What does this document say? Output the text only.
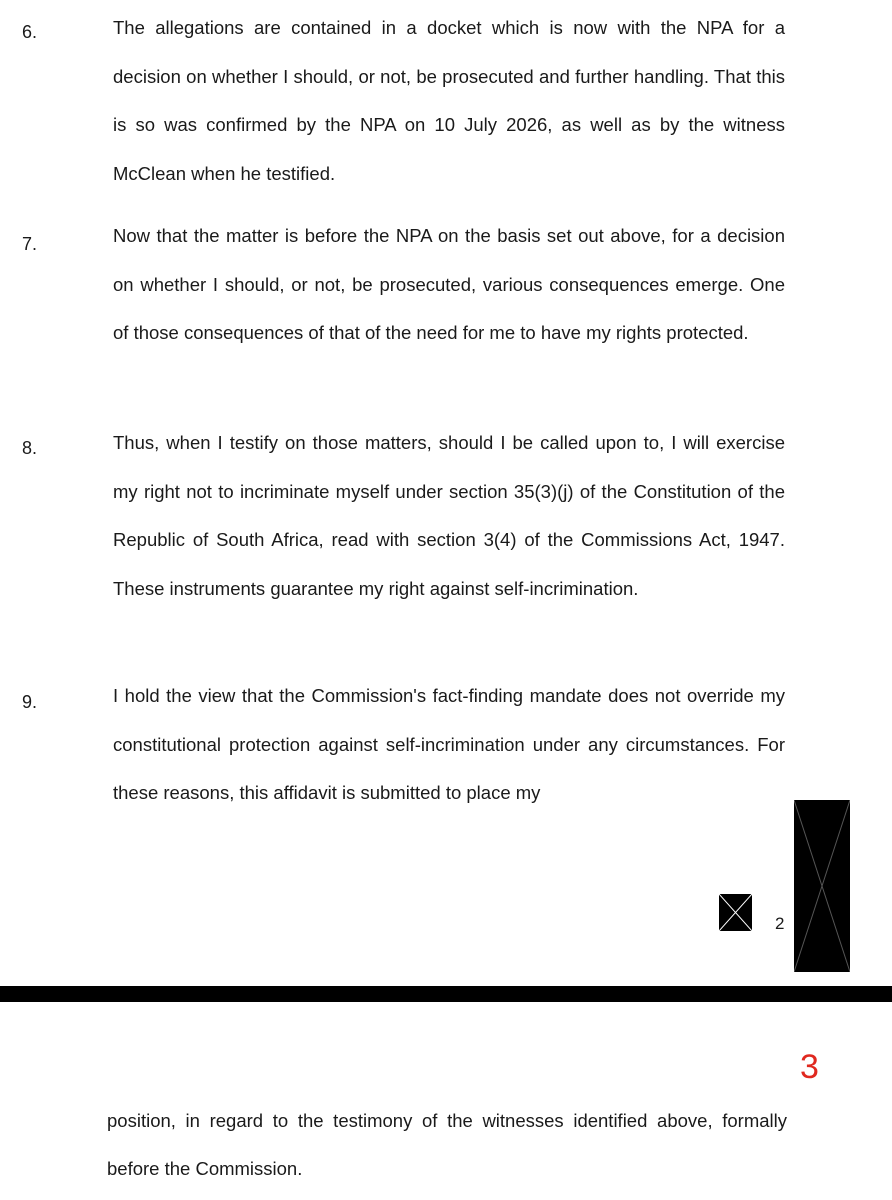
6.	The allegations are contained in a docket which is now with the NPA for a decision on whether I should, or not, be prosecuted and further handling. That this is so was confirmed by the NPA on 10 July 2026, as well as by the witness McClean when he testified.

7.	Now that the matter is before the NPA on the basis set out above, for a decision on whether I should, or not, be prosecuted, various consequences emerge. One of those consequences of that of the need for me to have my rights protected.

8.	Thus, when I testify on those matters, should I be called upon to, I will exercise my right not to incriminate myself under section 35(3)(j) of the Constitution of the Republic of South Africa, read with section 3(4) of the Commissions Act, 1947. These instruments guarantee my right against self-incrimination.

9.	I hold the view that the Commission's fact-finding mandate does not override my constitutional protection against self-incrimination under any circumstances. For these reasons, this affidavit is submitted to place my

2
3

position, in regard to the testimony of the witnesses identified above, formally before the Commission.
